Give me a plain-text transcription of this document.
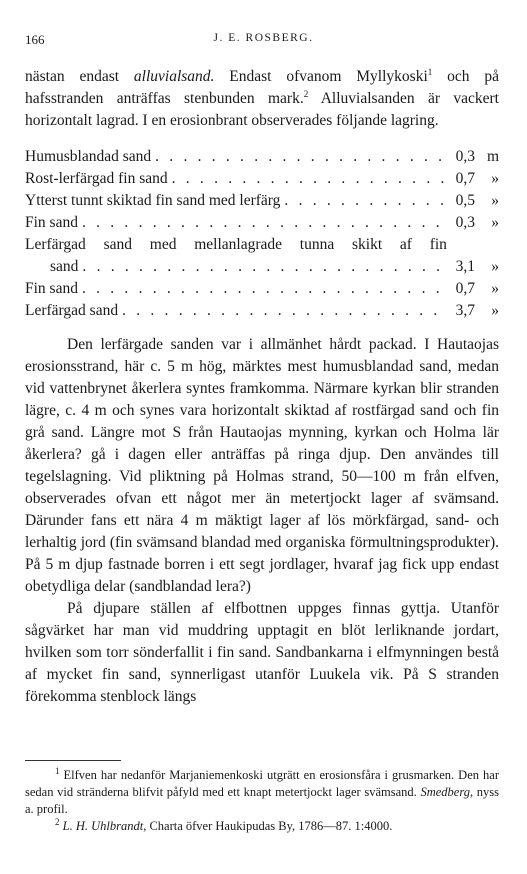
166	J. E. ROSBERG.

nästan endast alluvialsand. Endast ofvanom Myllykoski$^1$ och på hafsstranden anträffas stenbunden mark.$^2$ Alluvialsanden är vackert horizontalt lagrad. I en erosionbrant observerades följande lagring.

Humusblandad sand . . .	0,3 m
Rost-lerfärgad fin sand . . .	0,7	»
Ytterst tunnt skiktad fin sand med lerfärg . . .	0,5	»
Fin sand . . .	0,3	»
Lerfärgad sand med mellanlagrade tunna skikt af fin
sand . . .	3,1	»
Fin sand . . .	0,7	»
Lerfärgad sand . . .	3,7	»

Den lerfärgade sanden var i allmänhet hårdt packad. I Hautaojas erosionsstrand, här c. 5 m hög, märktes mest humusblandad sand, medan vid vattenbrynet åkerlera syntes framkomma. Närmare kyrkan blir stranden lägre, c. 4 m och synes vara horizontalt skiktad af rostfärgad sand och fin grå sand. Längre mot S från Hautaojas mynning, kyrkan och Holma lär åkerlera? gå i dagen eller anträffas på ringa djup. Den användes till tegelslagning. Vid pliktning på Holmas strand, 50—100 m från elfven, observerades ofvan ett något mer än metertjockt lager af svämsand. Därunder fans ett nära 4 m mäktigt lager af lös mörkfärgad, sand- och lerhaltig jord (fin svämsand blandad med organiska förmultningsprodukter). På 5 m djup fastnade borren i ett segt jordlager, hvaraf jag fick upp endast obetydliga delar (sandblandad lera?)

På djupare ställen af elfbottnen uppges finnas gyttja. Utanför sågvärket har man vid muddring upptagit en blöt lerliknande jordart, hvilken som torr sönderfallit i fin sand. Sandbankarna i elfmynningen bestå af mycket fin sand, synnerligast utanför Luukela vik. På S stranden förekomma stenblock längs

$^1$ Elfven har nedanför Marjaniemenkoski utgrätt en erosionsfåra i grusmarken. Den har sedan vid stränderna blifvit påfyld med ett knapt metertjockt lager svämsand. Smedberg, nyss a. profil.

$^2$ L. H. Uhlbrandt, Charta öfver Haukipudas By, 1786—87. 1:4000.
